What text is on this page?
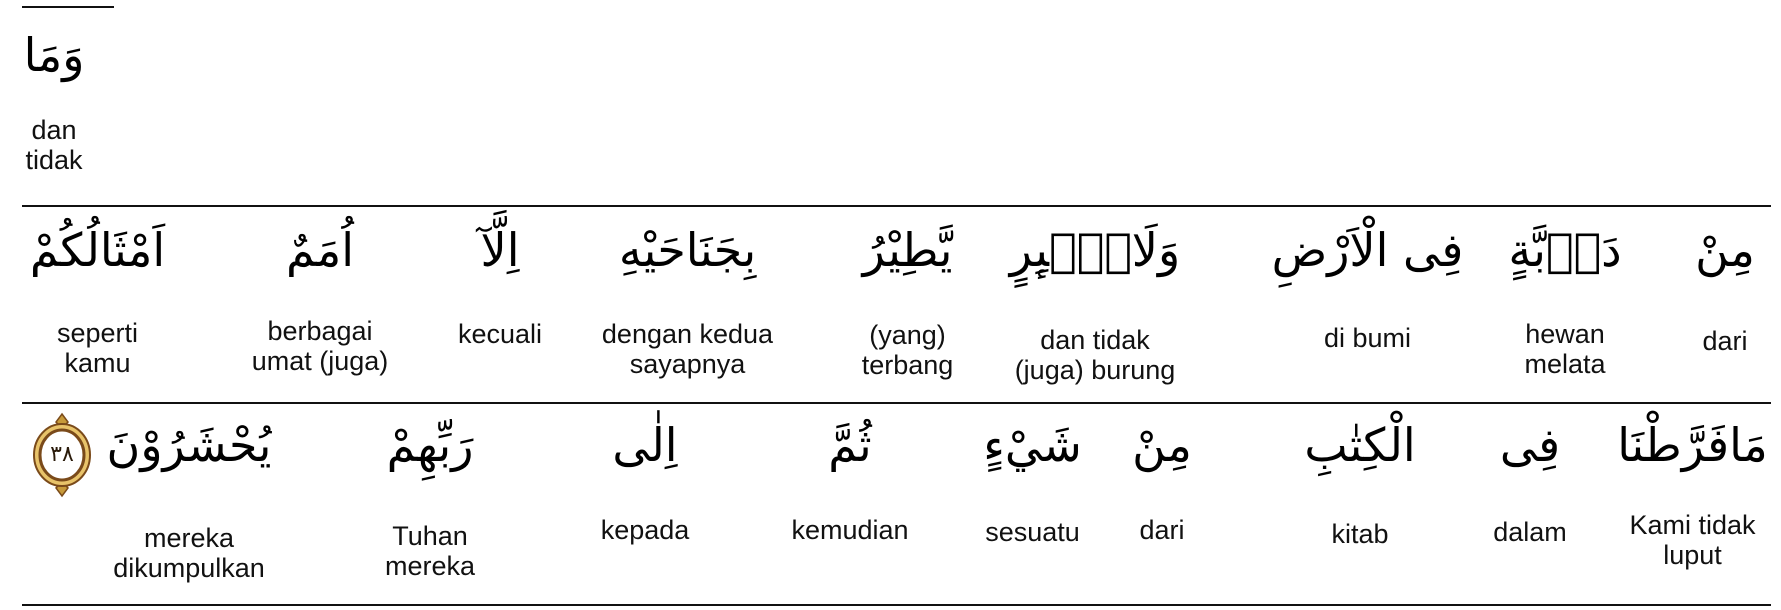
وَمَا
dan
tidak
اَمْثَالُكُمْ
seperti
kamu
اُمَمٌ
berbagai
umat (juga)
اِلَّآ
kecuali
بِجَنَاحَيْهِ
dengan kedua
sayapnya
يَّطِيْرُ
(yang)
terbang
وَلَاطٰۤىِٕرٍ
dan tidak
(juga) burung
فِى الْاَرْضِ
di bumi
دَاۤبَّةٍ
hewan
melata
مِنْ
dari
٣٨ يُحْشَرُوْنَ
mereka
dikumpulkan
رَبِّهِمْ
Tuhan
mereka
اِلٰى
kepada
ثُمَّ
kemudian
شَيْءٍ
sesuatu
مِنْ
dari
الْكِتٰبِ
kitab
فِى
dalam
مَافَرَّطْنَا
Kami tidak
luput
